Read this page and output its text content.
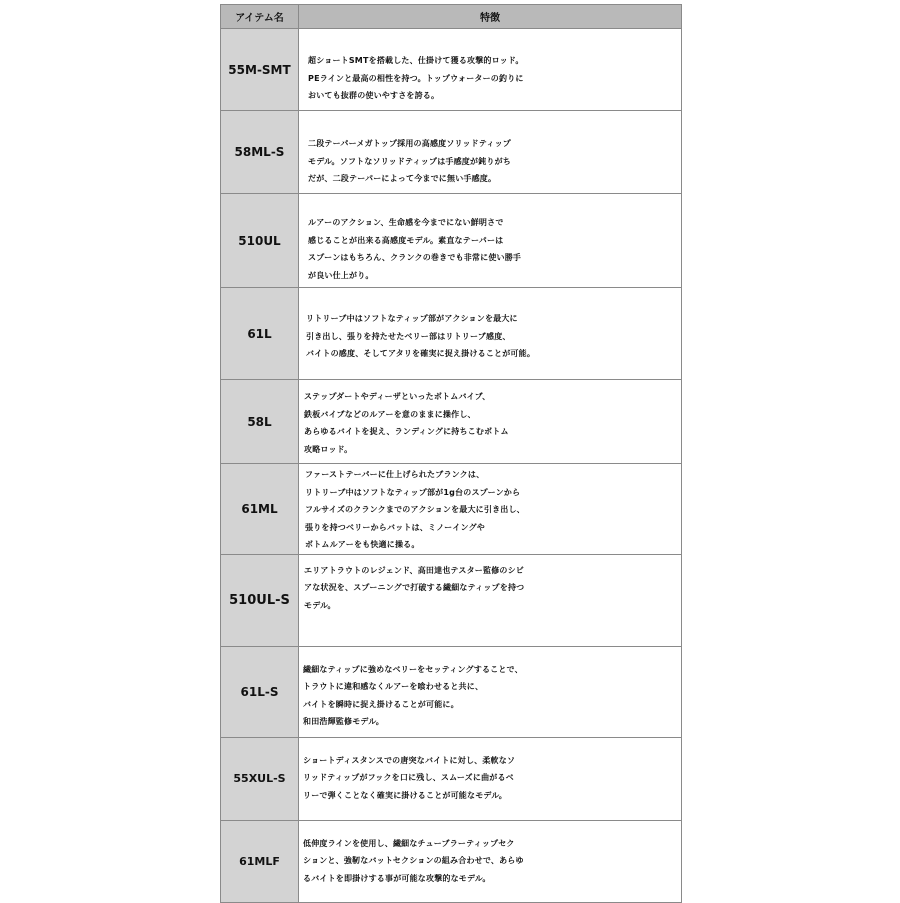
アイテム名	特徴
55M-SMT	超ショートSMTを搭載した、仕掛けて獲る攻撃的ロッド。
PEラインと最高の相性を持つ。トップウォーターの釣りに
おいても抜群の使いやすさを誇る。

58ML-S	二段テーパーメガトップ採用の高感度ソリッドティップ
モデル。ソフトなソリッドティップは手感度が鈍りがち
だが、二段テーパーによって今までに無い手感度。

510UL	ルアーのアクション、生命感を今までにない鮮明さで
感じることが出来る高感度モデル。素直なテーパーは
スプーンはもちろん、クランクの巻きでも非常に使い勝手
が良い仕上がり。

61L	リトリーブ中はソフトなティップ部がアクションを最大に
引き出し、張りを持たせたベリー部はリトリーブ感度、
バイトの感度、そしてアタリを確実に捉え掛けることが可能。

58L	ステップダートやディーザといったボトムバイブ、
鉄板バイブなどのルアーを意のままに操作し、
あらゆるバイトを捉え、ランディングに持ちこむボトム
攻略ロッド。

61ML	ファーストテーパーに仕上げられたブランクは、
リトリーブ中はソフトなティップ部が1g台のスプーンから
フルサイズのクランクまでのアクションを最大に引き出し、
張りを持つベリーからバットは、ミノーイングや
ボトムルアーをも快適に操る。

510UL-S	エリアトラウトのレジェンド、高田達也テスター監修のシビ
アな状況を、スプーニングで打破する繊細なティップを持つ
モデル。

61L-S	繊細なティップに強めなベリーをセッティングすることで、
トラウトに違和感なくルアーを喰わせると共に、
バイトを瞬時に捉え掛けることが可能に。
和田浩輝監修モデル。

55XUL-S	ショートディスタンスでの唐突なバイトに対し、柔軟なソ
リッドティップがフックを口に残し、スムーズに曲がるベ
リーで弾くことなく確実に掛けることが可能なモデル。

61MLF	低伸度ラインを使用し、繊細なチューブラーティップセク
ションと、強靭なバットセクションの組み合わせで、あらゆ
るバイトを即掛けする事が可能な攻撃的なモデル。
